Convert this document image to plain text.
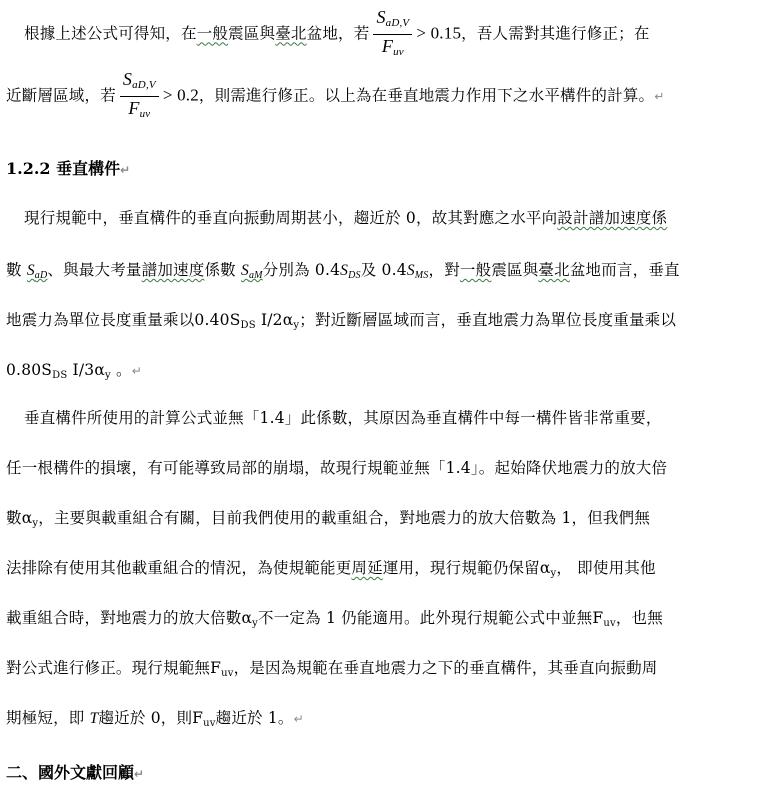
根據上述公式可得知，在一般震區與臺北盆地，若 $\frac{\text{SaD,V}}{\text{Fuv}} > 0.15$，吾人需對其進行修正；在
近斷層區域，若 $\frac{\text{SaD,V}}{\text{Fuv}} > 0.2$，則需進行修正。以上為在垂直地震力作用下之水平構件的計算。↵
1.2.2 垂直構件↵
現行規範中，垂直構件的垂直向振動周期甚小，趨近於 0，故其對應之水平向設計譜加速度係
數 $S_{aD}$、與最大考量譜加速度係數 $S_{aM}$分別為 $0.4S_{DS}$及 $0.4S_{MS}$，對一般震區與臺北盆地而言，垂直
地震力為單位長度重量乘以$0.40S_{DS}$ $I/2\alpha_y$；對近斷層區域而言，垂直地震力為單位長度重量乘以
$0.80S_{DS}$ $I/3\alpha_y$ 。↵
垂直構件所使用的計算公式並無「1.4」此係數，其原因為垂直構件中每一構件皆非常重要，
任一根構件的損壞，有可能導致局部的崩塌，故現行規範並無「1.4」。起始降伏地震力的放大倍
數$\alpha_y$，主要與載重組合有關，目前我們使用的載重組合，對地震力的放大倍數為 1，但我們無
法排除有使用其他載重組合的情況，為使規範能更周延運用，現行規範仍保留$\alpha_y$， 即使用其他
載重組合時，對地震力的放大倍數$\alpha_y$不一定為 1 仍能適用。此外現行規範公式中並無$F_{uv}$，也無
對公式進行修正。現行規範無$F_{uv}$，是因為規範在垂直地震力之下的垂直構件，其垂直向振動周
期極短，即 T趨近於 0，則$F_{uv}$趨近於 1。↵
二、國外文獻回顧↵
